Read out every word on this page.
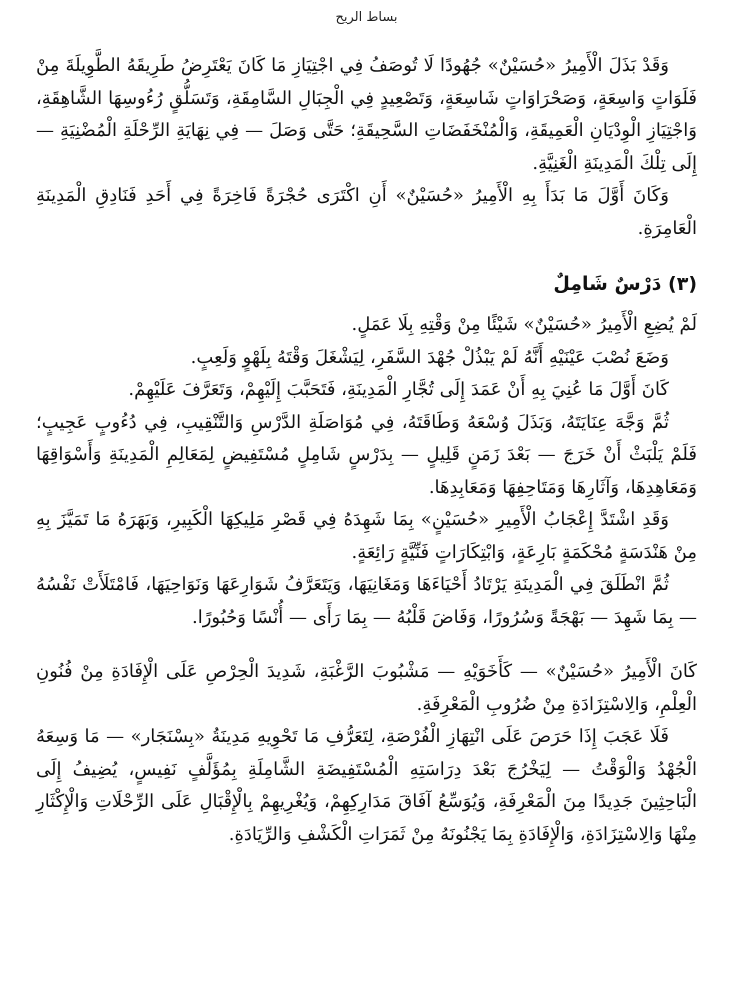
بساط الريح

وَقَدْ بَذَلَ الْأَمِيرُ «حُسَيْنٌ» جُهُودًا لَا تُوصَفُ فِي اجْتِيَازِ مَا كَانَ يَعْتَرِضُ طَرِيقَهُ الطَّوِيلَةَ مِنْ فَلَوَاتٍ وَاسِعَةٍ، وَصَحْرَاوَاتٍ شَاسِعَةٍ، وَتَصْعِيدٍ فِي الْجِبَالِ السَّامِقَةِ، وَتَسَلُّقٍ رُءُوسِهَا الشَّاهِقَةِ، وَاجْتِيَازِ الْوِدْيَانِ الْعَمِيقَةِ، وَالْمُنْخَفَضَاتِ السَّحِيقَةِ؛ حَتَّى وَصَلَ — فِي نِهَايَةِ الرِّحْلَةِ الْمُضْنِيَةِ — إِلَى تِلْكَ الْمَدِينَةِ الْغَنِيَّةِ.

وَكَانَ أَوَّلَ مَا بَدَأَ بِهِ الْأَمِيرُ «حُسَيْنٌ» أَنِ اكْتَرَى حُجْرَةً فَاخِرَةً فِي أَحَدِ فَنَادِقِ الْمَدِينَةِ الْعَامِرَةِ.

(٣) دَرْسٌ شَامِلٌ

لَمْ يُضِعِ الْأَمِيرُ «حُسَيْنٌ» شَيْئًا مِنْ وَقْتِهِ بِلَا عَمَلٍ.

وَضَعَ نُصْبَ عَيْنَيْهِ أَنَّهُ لَمْ يَبْذُلْ جُهْدَ السَّفَرِ، لِيَشْغَلَ وَقْتَهُ بِلَهْوٍ وَلَعِبٍ.

كَانَ أَوَّلَ مَا عُنِيَ بِهِ أَنْ عَمَدَ إِلَى تُجَّارِ الْمَدِينَةِ، فَتَحَبَّبَ إِلَيْهِمْ، وَتَعَرَّفَ عَلَيْهِمْ.

ثُمَّ وَجَّهَ عِنَايَتَهُ، وَبَذَلَ وُسْعَهُ وَطَاقَتَهُ، فِي مُوَاصَلَةِ الدَّرْسِ وَالتَّنْقِيبِ، فِي دُءُوبٍ عَجِيبٍ؛ فَلَمْ يَلْبَثْ أَنْ خَرَجَ — بَعْدَ زَمَنٍ قَلِيلٍ — بِدَرْسٍ شَامِلٍ مُسْتَفِيضٍ لِمَعَالِمِ الْمَدِينَةِ وَأَسْوَاقِهَا وَمَعَاهِدِهَا، وَآثَارِهَا وَمَتَاحِفِهَا وَمَعَابِدِهَا.

وَقَدِ اشْتَدَّ إِعْجَابُ الْأَمِيرِ «حُسَيْنٍ» بِمَا شَهِدَهُ فِي قَصْرِ مَلِيكِهَا الْكَبِيرِ، وَبَهَرَهُ مَا تَمَيَّزَ بِهِ مِنْ هَنْدَسَةٍ مُحْكَمَةٍ بَارِعَةٍ، وَابْتِكَارَاتٍ فَنِّيَّةٍ رَائِعَةٍ.

ثُمَّ انْطَلَقَ فِي الْمَدِينَةِ يَرْتَادُ أَحْيَاءَهَا وَمَغَانِيَهَا، وَيَتَعَرَّفُ شَوَارِعَهَا وَنَوَاحِيَهَا، فَامْتَلَأَتْ نَفْسُهُ — بِمَا شَهِدَ — بَهْجَةً وَسُرُورًا، وَفَاضَ قَلْبُهُ — بِمَا رَأَى — أُنْسًا وَحُبُورًا.

كَانَ الْأَمِيرُ «حُسَيْنٌ» — كَأَخَوَيْهِ — مَشْبُوبَ الرَّغْبَةِ، شَدِيدَ الْحِرْصِ عَلَى الْإِفَادَةِ مِنْ فُنُونِ الْعِلْمِ، وَالِاسْتِزَادَةِ مِنْ ضُرُوبِ الْمَعْرِفَةِ.

فَلَا عَجَبَ إِذَا حَرَصَ عَلَى انْتِهَازِ الْفُرْصَةِ، لِتَعَرُّفِ مَا تَحْوِيهِ مَدِينَةُ «بِسْنَجَار» — مَا وَسِعَهُ الْجُهْدُ وَالْوَقْتُ — لِيَخْرُجَ بَعْدَ دِرَاسَتِهِ الْمُسْتَفِيضَةِ الشَّامِلَةِ بِمُؤَلَّفٍ نَفِيسٍ، يُضِيفُ إِلَى الْبَاحِثِينَ جَدِيدًا مِنَ الْمَعْرِفَةِ، وَيُوَسِّعُ آفَاقَ مَدَارِكِهِمْ، وَيُغْرِيهِمْ بِالْإِقْبَالِ عَلَى الرِّحْلَاتِ وَالْإِكْثَارِ مِنْهَا وَالِاسْتِزَادَةِ، وَالْإِفَادَةِ بِمَا يَجْنُونَهُ مِنْ ثَمَرَاتِ الْكَشْفِ وَالرِّيَادَةِ.
